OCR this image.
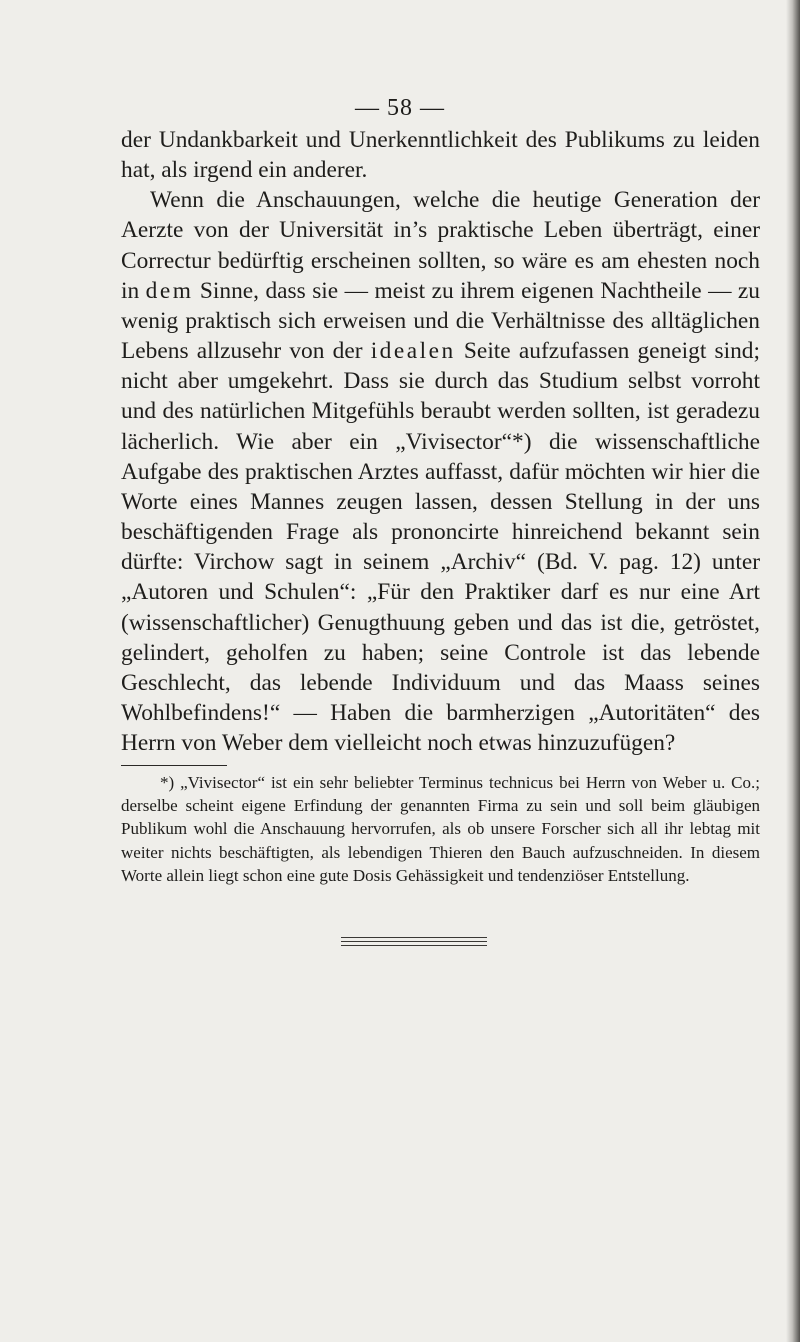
— 58 —

der Undankbarkeit und Unerkenntlichkeit des Publikums zu leiden hat, als irgend ein anderer.

Wenn die Anschauungen, welche die heutige Generation der Aerzte von der Universität in’s praktische Leben überträgt, einer Correctur bedürftig erscheinen sollten, so wäre es am ehesten noch in dem Sinne, dass sie — meist zu ihrem eigenen Nachtheile — zu wenig praktisch sich erweisen und die Verhältnisse des alltäglichen Lebens allzusehr von der idealen Seite aufzufassen geneigt sind; nicht aber umgekehrt. Dass sie durch das Studium selbst vorroht und des natürlichen Mitgefühls beraubt werden sollten, ist geradezu lächerlich. Wie aber ein „Vivisector“*) die wissenschaftliche Aufgabe des praktischen Arztes auffasst, dafür möchten wir hier die Worte eines Mannes zeugen lassen, dessen Stellung in der uns beschäftigenden Frage als prononcirte hinreichend bekannt sein dürfte: Virchow sagt in seinem „Archiv“ (Bd. V. pag. 12) unter „Autoren und Schulen“: „Für den Praktiker darf es nur eine Art (wissenschaftlicher) Genugthuung geben und das ist die, getröstet, gelindert, geholfen zu haben; seine Controle ist das lebende Geschlecht, das lebende Individuum und das Maass seines Wohlbefindens!“ — Haben die barmherzigen „Autoritäten“ des Herrn von Weber dem vielleicht noch etwas hinzuzufügen?

*) „Vivisector“ ist ein sehr beliebter Terminus technicus bei Herrn von Weber u. Co.; derselbe scheint eigene Erfindung der genannten Firma zu sein und soll beim gläubigen Publikum wohl die Anschauung hervorrufen, als ob unsere Forscher sich all ihr lebtag mit weiter nichts beschäftigten, als lebendigen Thieren den Bauch aufzuschneiden. In diesem Worte allein liegt schon eine gute Dosis Gehässigkeit und tendenziöser Entstellung.
